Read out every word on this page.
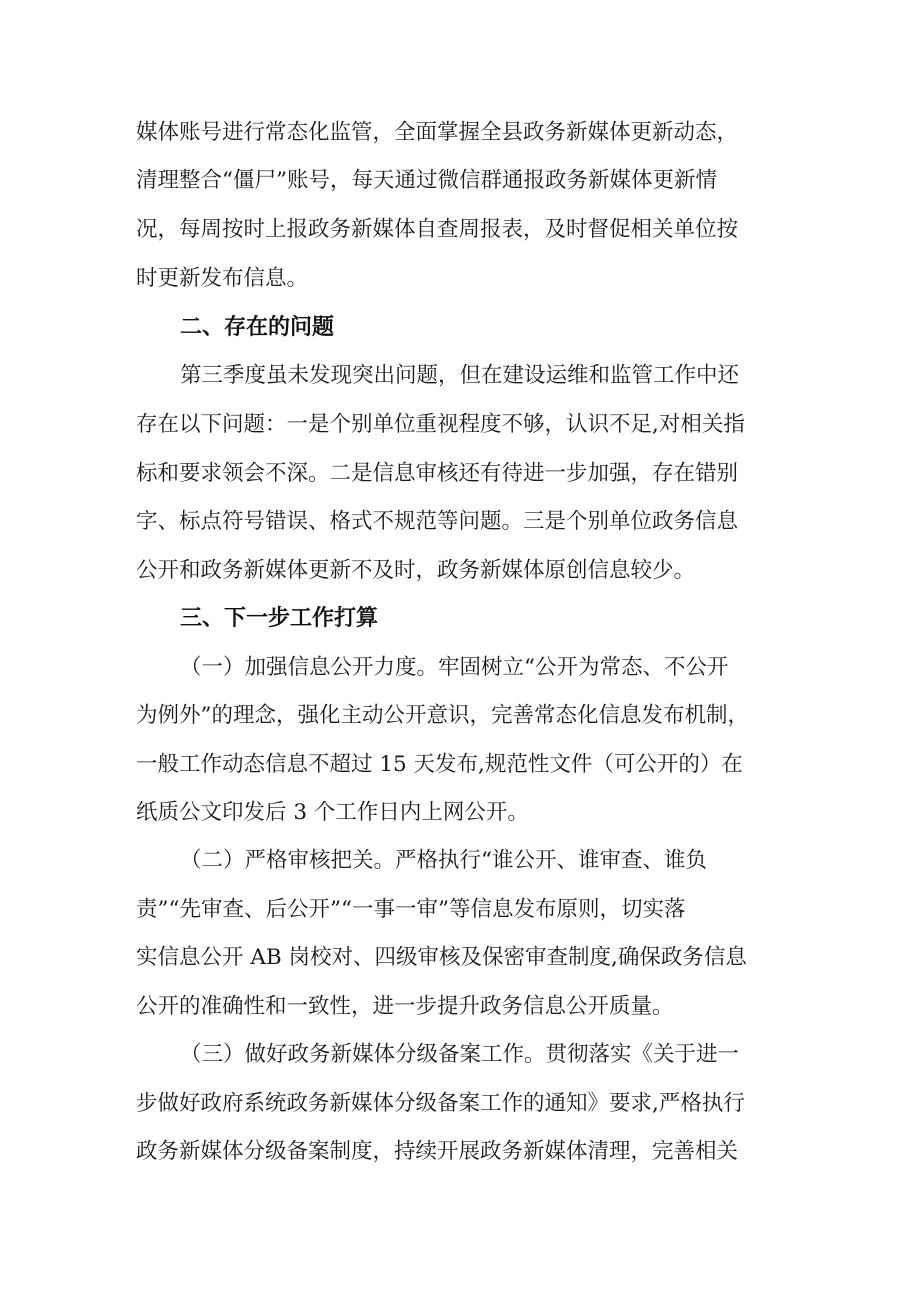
媒体账号进行常态化监管，全面掌握全县政务新媒体更新动态，
清理整合“僵尸”账号，每天通过微信群通报政务新媒体更新情
况，每周按时上报政务新媒体自查周报表，及时督促相关单位按
时更新发布信息。
二、存在的问题
第三季度虽未发现突出问题，但在建设运维和监管工作中还
存在以下问题：一是个别单位重视程度不够，认识不足,对相关指
标和要求领会不深。二是信息审核还有待进一步加强，存在错别
字、标点符号错误、格式不规范等问题。三是个别单位政务信息
公开和政务新媒体更新不及时，政务新媒体原创信息较少。
三、下一步工作打算
（一）加强信息公开力度。牢固树立“公开为常态、不公开
为例外”的理念，强化主动公开意识，完善常态化信息发布机制，
一般工作动态信息不超过 15 天发布,规范性文件（可公开的）在
纸质公文印发后 3 个工作日内上网公开。
（二）严格审核把关。严格执行“谁公开、谁审查、谁负
责”“先审查、后公开”“一事一审”等信息发布原则，切实落
实信息公开 AB 岗校对、四级审核及保密审查制度,确保政务信息
公开的准确性和一致性，进一步提升政务信息公开质量。
（三）做好政务新媒体分级备案工作。贯彻落实《关于进一
步做好政府系统政务新媒体分级备案工作的通知》要求,严格执行
政务新媒体分级备案制度，持续开展政务新媒体清理，完善相关
